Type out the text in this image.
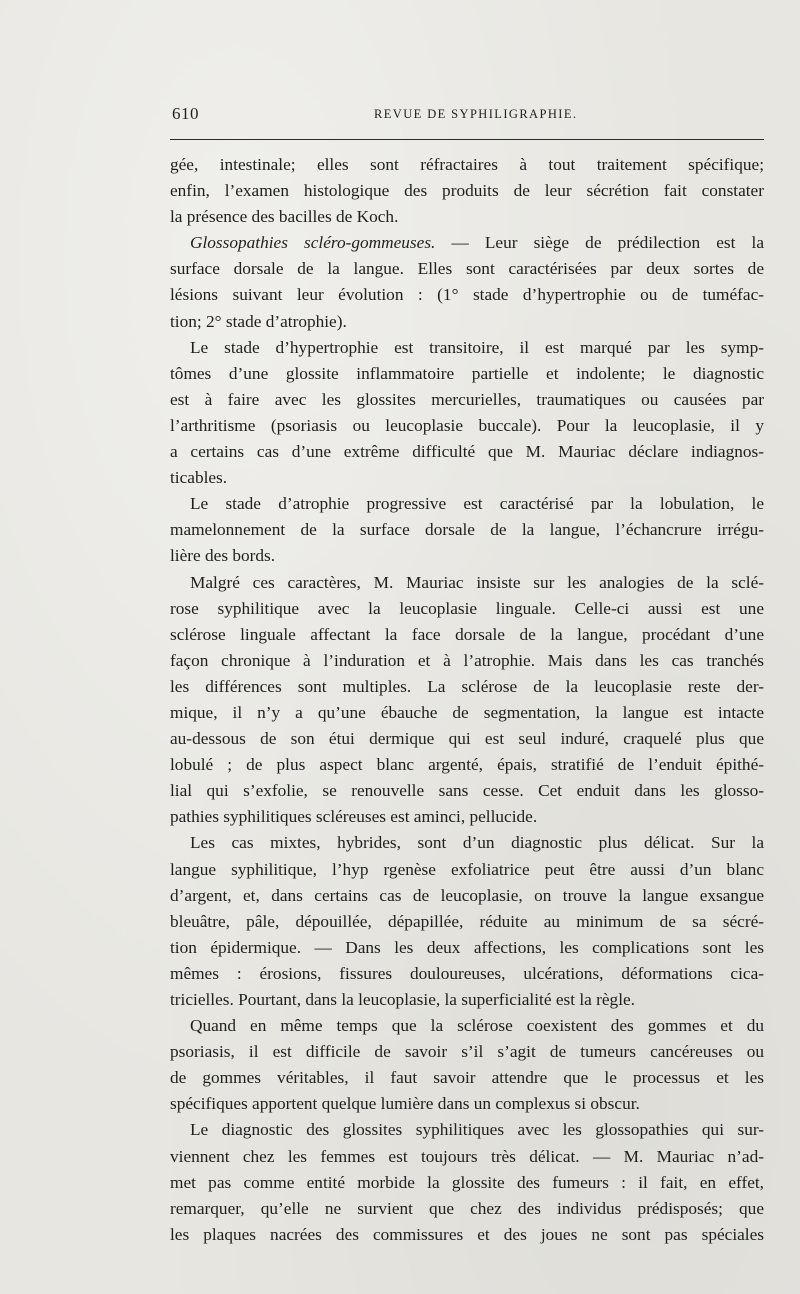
610	REVUE DE SYPHILIGRAPHIE.
gée, intestinale; elles sont réfractaires à tout traitement spécifique;
enfin, l’examen histologique des produits de leur sécrétion fait constater
la présence des bacilles de Koch.
Glossopathies scléro-gommeuses. — Leur siège de prédilection est la
surface dorsale de la langue. Elles sont caractérisées par deux sortes de
lésions suivant leur évolution : (1° stade d’hypertrophie ou de tuméfac-
tion; 2° stade d’atrophie).
Le stade d’hypertrophie est transitoire, il est marqué par les symp-
tômes d’une glossite inflammatoire partielle et indolente; le diagnostic
est à faire avec les glossites mercurielles, traumatiques ou causées par
l’arthritisme (psoriasis ou leucoplasie buccale). Pour la leucoplasie, il y
a certains cas d’une extrême difficulté que M. Mauriac déclare indiagnos-
ticables.
Le stade d’atrophie progressive est caractérisé par la lobulation, le
mamelonnement de la surface dorsale de la langue, l’échancrure irrégu-
lière des bords.
Malgré ces caractères, M. Mauriac insiste sur les analogies de la sclé-
rose syphilitique avec la leucoplasie linguale. Celle-ci aussi est une
sclérose linguale affectant la face dorsale de la langue, procédant d’une
façon chronique à l’induration et à l’atrophie. Mais dans les cas tranchés
les différences sont multiples. La sclérose de la leucoplasie reste der-
mique, il n’y a qu’une ébauche de segmentation, la langue est intacte
au-dessous de son étui dermique qui est seul induré, craquelé plus que
lobulé ; de plus aspect blanc argenté, épais, stratifié de l’enduit épithé-
lial qui s’exfolie, se renouvelle sans cesse. Cet enduit dans les glosso-
pathies syphilitiques scléreuses est aminci, pellucide.
Les cas mixtes, hybrides, sont d’un diagnostic plus délicat. Sur la
langue syphilitique, l’hyp rgenèse exfoliatrice peut être aussi d’un blanc
d’argent, et, dans certains cas de leucoplasie, on trouve la langue exsangue
bleuâtre, pâle, dépouillée, dépapillée, réduite au minimum de sa sécré-
tion épidermique. — Dans les deux affections, les complications sont les
mêmes : érosions, fissures douloureuses, ulcérations, déformations cica-
tricielles. Pourtant, dans la leucoplasie, la superficialité est la règle.
Quand en même temps que la sclérose coexistent des gommes et du
psoriasis, il est difficile de savoir s’il s’agit de tumeurs cancéreuses ou
de gommes véritables, il faut savoir attendre que le processus et les
spécifiques apportent quelque lumière dans un complexus si obscur.
Le diagnostic des glossites syphilitiques avec les glossopathies qui sur-
viennent chez les femmes est toujours très délicat. — M. Mauriac n’ad-
met pas comme entité morbide la glossite des fumeurs : il fait, en effet,
remarquer, qu’elle ne survient que chez des individus prédisposés; que
les plaques nacrées des commissures et des joues ne sont pas spéciales
